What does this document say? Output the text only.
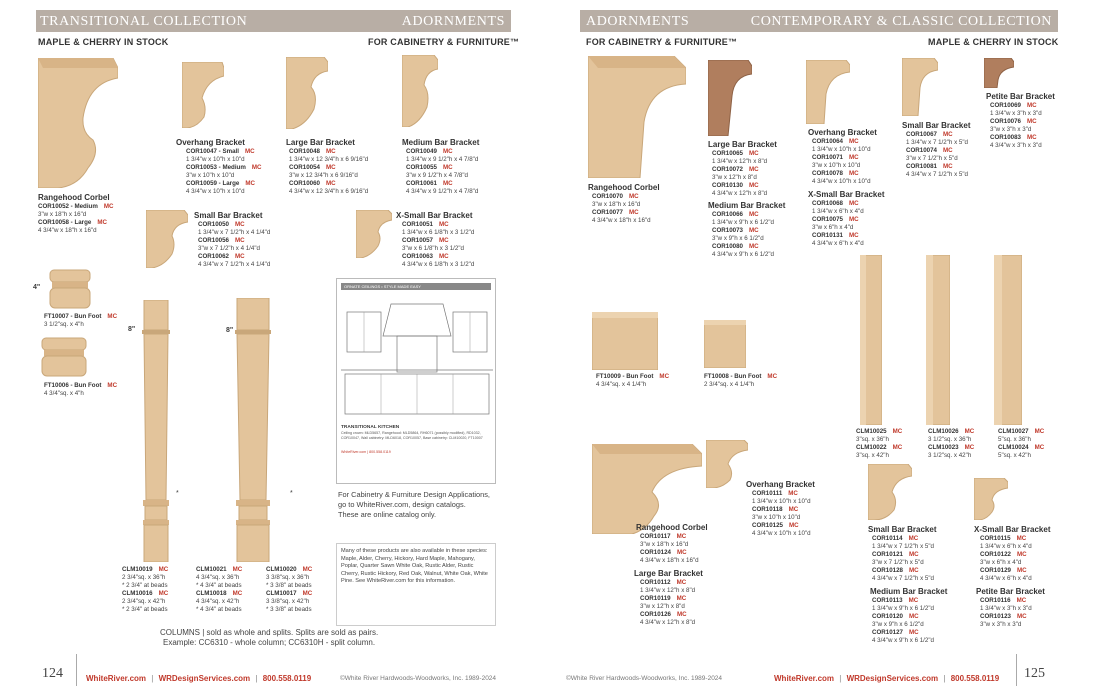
TRANSITIONAL COLLECTION	ADORNMENTS	ADORNMENTS	CONTEMPORARY & CLASSIC COLLECTION
MAPLE & CHERRY IN STOCK	FOR CABINETRY & FURNITURE™	FOR CABINETRY & FURNITURE™	MAPLE & CHERRY IN STOCK
Rangehood Corbel
COR10052 - Medium MC
3"w x 18"h x 16"d
COR10058 - Large MC
4 3/4"w x 18"h x 16"d
Overhang Bracket
COR10047 - Small MC
1 3/4"w x 10"h x 10"d
COR10053 - Medium MC
3"w x 10"h x 10"d
COR10059 - Large MC
4 3/4"w x 10"h x 10"d
Large Bar Bracket
COR10048 MC
1 3/4"w x 12 3/4"h x 6 9/16"d
COR10054 MC
3"w x 12 3/4"h x 6 9/16"d
COR10060 MC
4 3/4"w x 12 3/4"h x 6 9/16"d
Medium Bar Bracket
COR10049 MC
1 3/4"w x 9 1/2"h x 4 7/8"d
COR10055 MC
3"w x 9 1/2"h x 4 7/8"d
COR10061 MC
4 3/4"w x 9 1/2"h x 4 7/8"d
Small Bar Bracket
COR10050 MC
1 3/4"w x 7 1/2"h x 4 1/4"d
COR10056 MC
3"w x 7 1/2"h x 4 1/4"d
COR10062 MC
4 3/4"w x 7 1/2"h x 4 1/4"d
X-Small Bar Bracket
COR10051 MC
1 3/4"w x 6 1/8"h x 3 1/2"d
COR10057 MC
3"w x 6 1/8"h x 3 1/2"d
COR10063 MC
4 3/4"w x 6 1/8"h x 3 1/2"d
4"
FT10007 - Bun Foot MC
3 1/2"sq. x 4"h
FT10006 - Bun Foot MC
4 3/4"sq. x 4"h
8"
*
8"
*
CLM10019 MC
2 3/4"sq. x 36"h
* 2 3/4" at beads
CLM10016 MC
2 3/4"sq. x 42"h
* 2 3/4" at beads
CLM10021 MC
4 3/4"sq. x 36"h
* 4 3/4" at beads
CLM10018 MC
4 3/4"sq. x 42"h
* 4 3/4" at beads
CLM10020 MC
3 3/8"sq. x 36"h
* 3 3/8" at beads
CLM10017 MC
3 3/8"sq. x 42"h
* 3 3/8" at beads
COLUMNS | sold as whole and splits. Splits are sold as pairs.
Example: CC6310 - whole column; CC6310H - split column.
ORNATE CEILINGS • STYLE MADE EASY
TRANSITIONAL KITCHEN
Ceiling crown: MLD5657, Rangehood: MLD5864, RH6071 (possibly modified), RD1032, COR10047, Wall cabinetry: MLD6018, COR10057, Base cabinetry: CLM10020, FT10007
WhiteRiver.com | 800.558.0119
For Cabinetry & Furniture Design Applications,
go to WhiteRiver.com, design catalogs.
These are online catalog only.
Many of these products are also available in these species: Maple, Alder, Cherry, Hickory, Hard Maple, Mahogany, Poplar, Quarter Sawn White Oak, Rustic Alder, Rustic Cherry, Rustic Hickory, Red Oak, Walnut, White Oak, White Pine. See WhiteRiver.com for this information.
Rangehood Corbel
COR10070 MC
3"w x 18"h x 16"d
COR10077 MC
4 3/4"w x 18"h x 16"d
Large Bar Bracket
COR10065 MC
1 3/4"w x 12"h x 8"d
COR10072 MC
3"w x 12"h x 8"d
COR10130 MC
4 3/4"w x 12"h x 8"d
Medium Bar Bracket
COR10066 MC
1 3/4"w x 9"h x 6 1/2"d
COR10073 MC
3"w x 9"h x 6 1/2"d
COR10080 MC
4 3/4"w x 9"h x 6 1/2"d
Overhang Bracket
COR10064 MC
1 3/4"w x 10"h x 10"d
COR10071 MC
3"w x 10"h x 10"d
COR10078 MC
4 3/4"w x 10"h x 10"d
X-Small Bar Bracket
COR10068 MC
1 3/4"w x 6"h x 4"d
COR10075 MC
3"w x 6"h x 4"d
COR10131 MC
4 3/4"w x 6"h x 4"d
Small Bar Bracket
COR10067 MC
1 3/4"w x 7 1/2"h x 5"d
COR10074 MC
3"w x 7 1/2"h x 5"d
COR10081 MC
4 3/4"w x 7 1/2"h x 5"d
Petite Bar Bracket
COR10069 MC
1 3/4"w x 3"h x 3"d
COR10076 MC
3"w x 3"h x 3"d
COR10083 MC
4 3/4"w x 3"h x 3"d
FT10009 - Bun Foot MC
4 3/4"sq. x 4 1/4"h
FT10008 - Bun Foot MC
2 3/4"sq. x 4 1/4"h
CLM10025 MC
3"sq. x 36"h
CLM10022 MC
3"sq. x 42"h
CLM10026 MC
3 1/2"sq. x 36"h
CLM10023 MC
3 1/2"sq. x 42"h
CLM10027 MC
5"sq. x 36"h
CLM10024 MC
5"sq. x 42"h
Rangehood Corbel
COR10117 MC
3"w x 18"h x 16"d
COR10124 MC
4 3/4"w x 18"h x 16"d
Overhang Bracket
COR10111 MC
1 3/4"w x 10"h x 10"d
COR10118 MC
3"w x 10"h x 10"d
COR10125 MC
4 3/4"w x 10"h x 10"d
Large Bar Bracket
COR10112 MC
1 3/4"w x 12"h x 8"d
COR10119 MC
3"w x 12"h x 8"d
COR10126 MC
4 3/4"w x 12"h x 8"d
Small Bar Bracket
COR10114 MC
1 3/4"w x 7 1/2"h x 5"d
COR10121 MC
3"w x 7 1/2"h x 5"d
COR10128 MC
4 3/4"w x 7 1/2"h x 5"d
Medium Bar Bracket
COR10113 MC
1 3/4"w x 9"h x 6 1/2"d
COR10120 MC
3"w x 9"h x 6 1/2"d
COR10127 MC
4 3/4"w x 9"h x 6 1/2"d
X-Small Bar Bracket
COR10115 MC
1 3/4"w x 6"h x 4"d
COR10122 MC
3"w x 6"h x 4"d
COR10129 MC
4 3/4"w x 6"h x 4"d
Petite Bar Bracket
COR10116 MC
1 3/4"w x 3"h x 3"d
COR10123 MC
3"w x 3"h x 3"d
124	125
WhiteRiver.com | WRDesignServices.com | 800.558.0119	©White River Hardwoods-Woodworks, Inc. 1989-2024	©White River Hardwoods-Woodworks, Inc. 1989-2024	WhiteRiver.com | WRDesignServices.com | 800.558.0119
